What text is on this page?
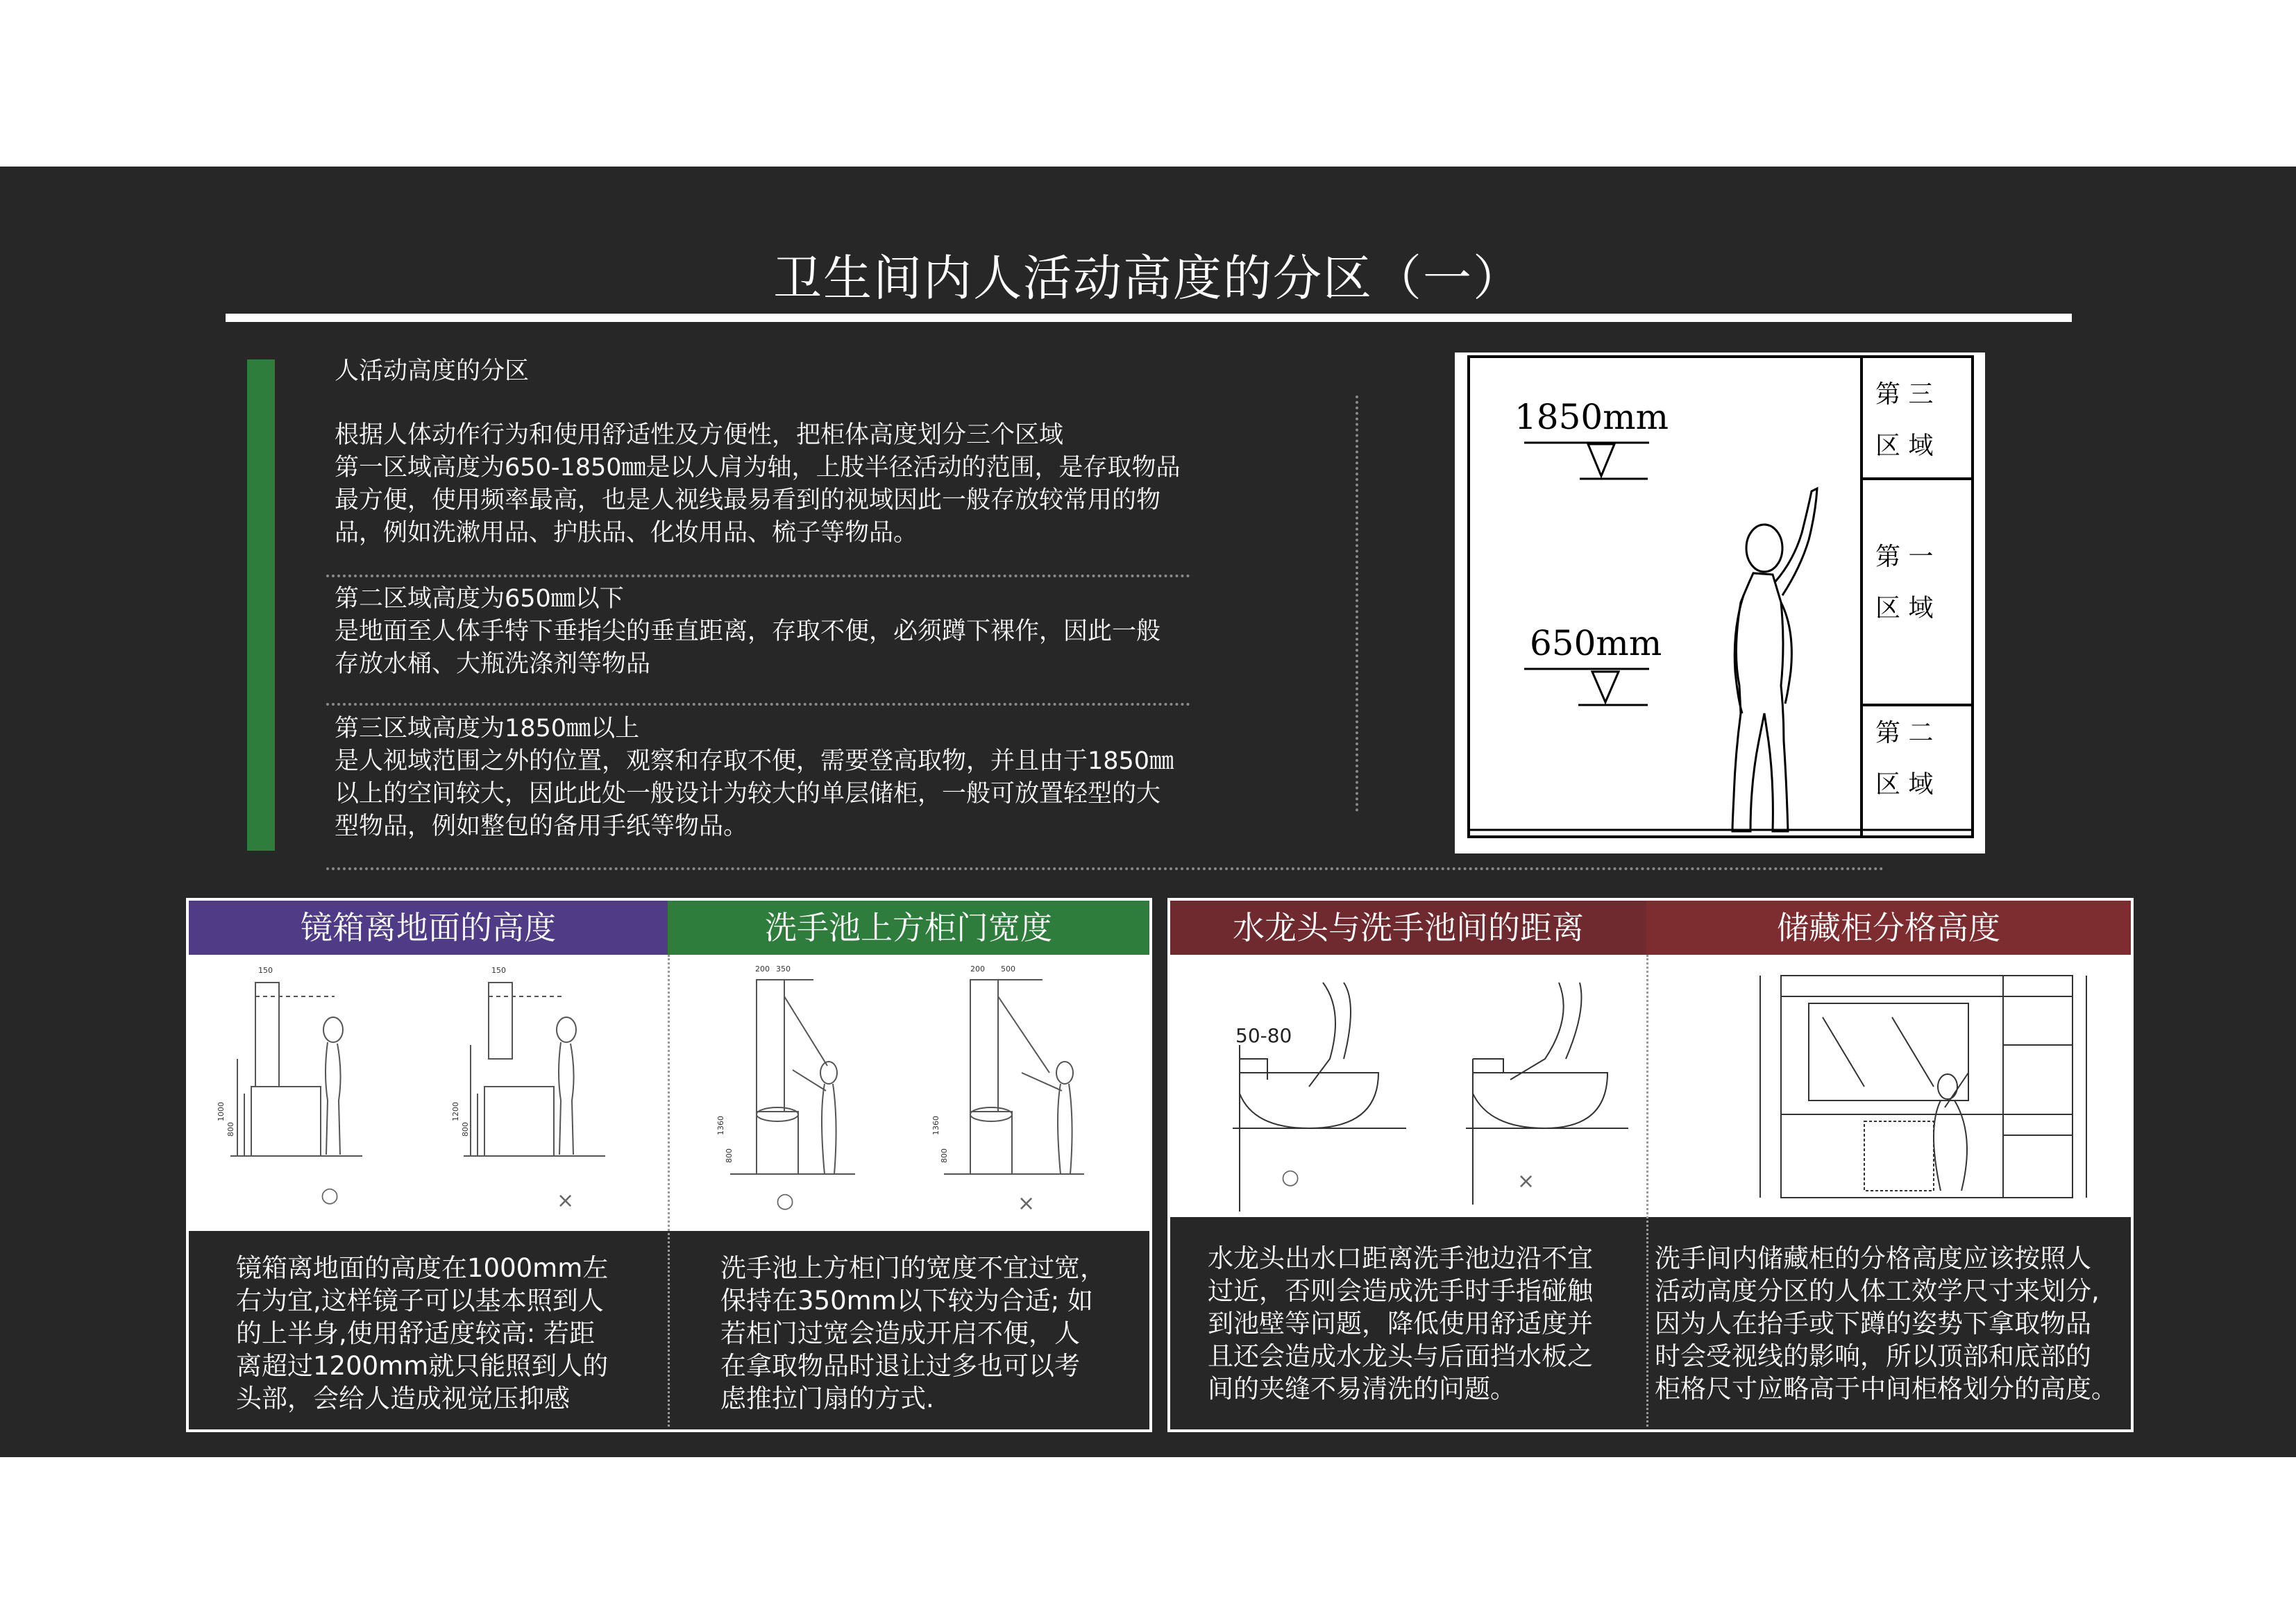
卫生间内人活动高度的分区（一）
人活动高度的分区
根据人体动作行为和使用舒适性及方便性，把柜体高度划分三个区域
第一区域高度为650-1850㎜是以人肩为轴，上肢半径活动的范围，是存取物品
最方便，使用频率最高，也是人视线最易看到的视域因此一般存放较常用的物
品，例如洗漱用品、护肤品、化妆用品、梳子等物品。
第二区域高度为650㎜以下
是地面至人体手特下垂指尖的垂直距离，存取不便，必须蹲下裸作，因此一般
存放水桶、大瓶洗涤剂等物品
第三区域高度为1850㎜以上
是人视域范围之外的位置，观察和存取不便，需要登高取物，并且由于1850㎜
以上的空间较大，因此此处一般设计为较大的单层储柜，一般可放置轻型的大
型物品，例如整包的备用手纸等物品。
1850mm
650mm
第 三
区 域
第 一
区 域
第 二
区 域
镜箱离地面的高度	洗手池上方柜门宽度
150	150
1000
800
1200
800
200 350	200 500
1360
800
1360
800
○	×	○	×
镜箱离地面的高度在1000mm左
右为宜,这样镜子可以基本照到人
的上半身,使用舒适度较高: 若距
离超过1200mm就只能照到人的
头部，会给人造成视觉压抑感
洗手池上方柜门的宽度不宜过宽，
保持在350mm以下较为合适; 如
若柜门过宽会造成开启不便，人
在拿取物品时退让过多也可以考
虑推拉门扇的方式.
水龙头与洗手池间的距离	储藏柜分格高度
50-80
○	×
水龙头出水口距离洗手池边沿不宜
过近，否则会造成洗手时手指碰触
到池壁等问题，降低使用舒适度并
且还会造成水龙头与后面挡水板之
间的夹缝不易清洗的问题。
洗手间内储藏柜的分格高度应该按照人
活动高度分区的人体工效学尺寸来划分,
因为人在抬手或下蹲的姿势下拿取物品
时会受视线的影响，所以顶部和底部的
柜格尺寸应略高于中间柜格划分的高度。
